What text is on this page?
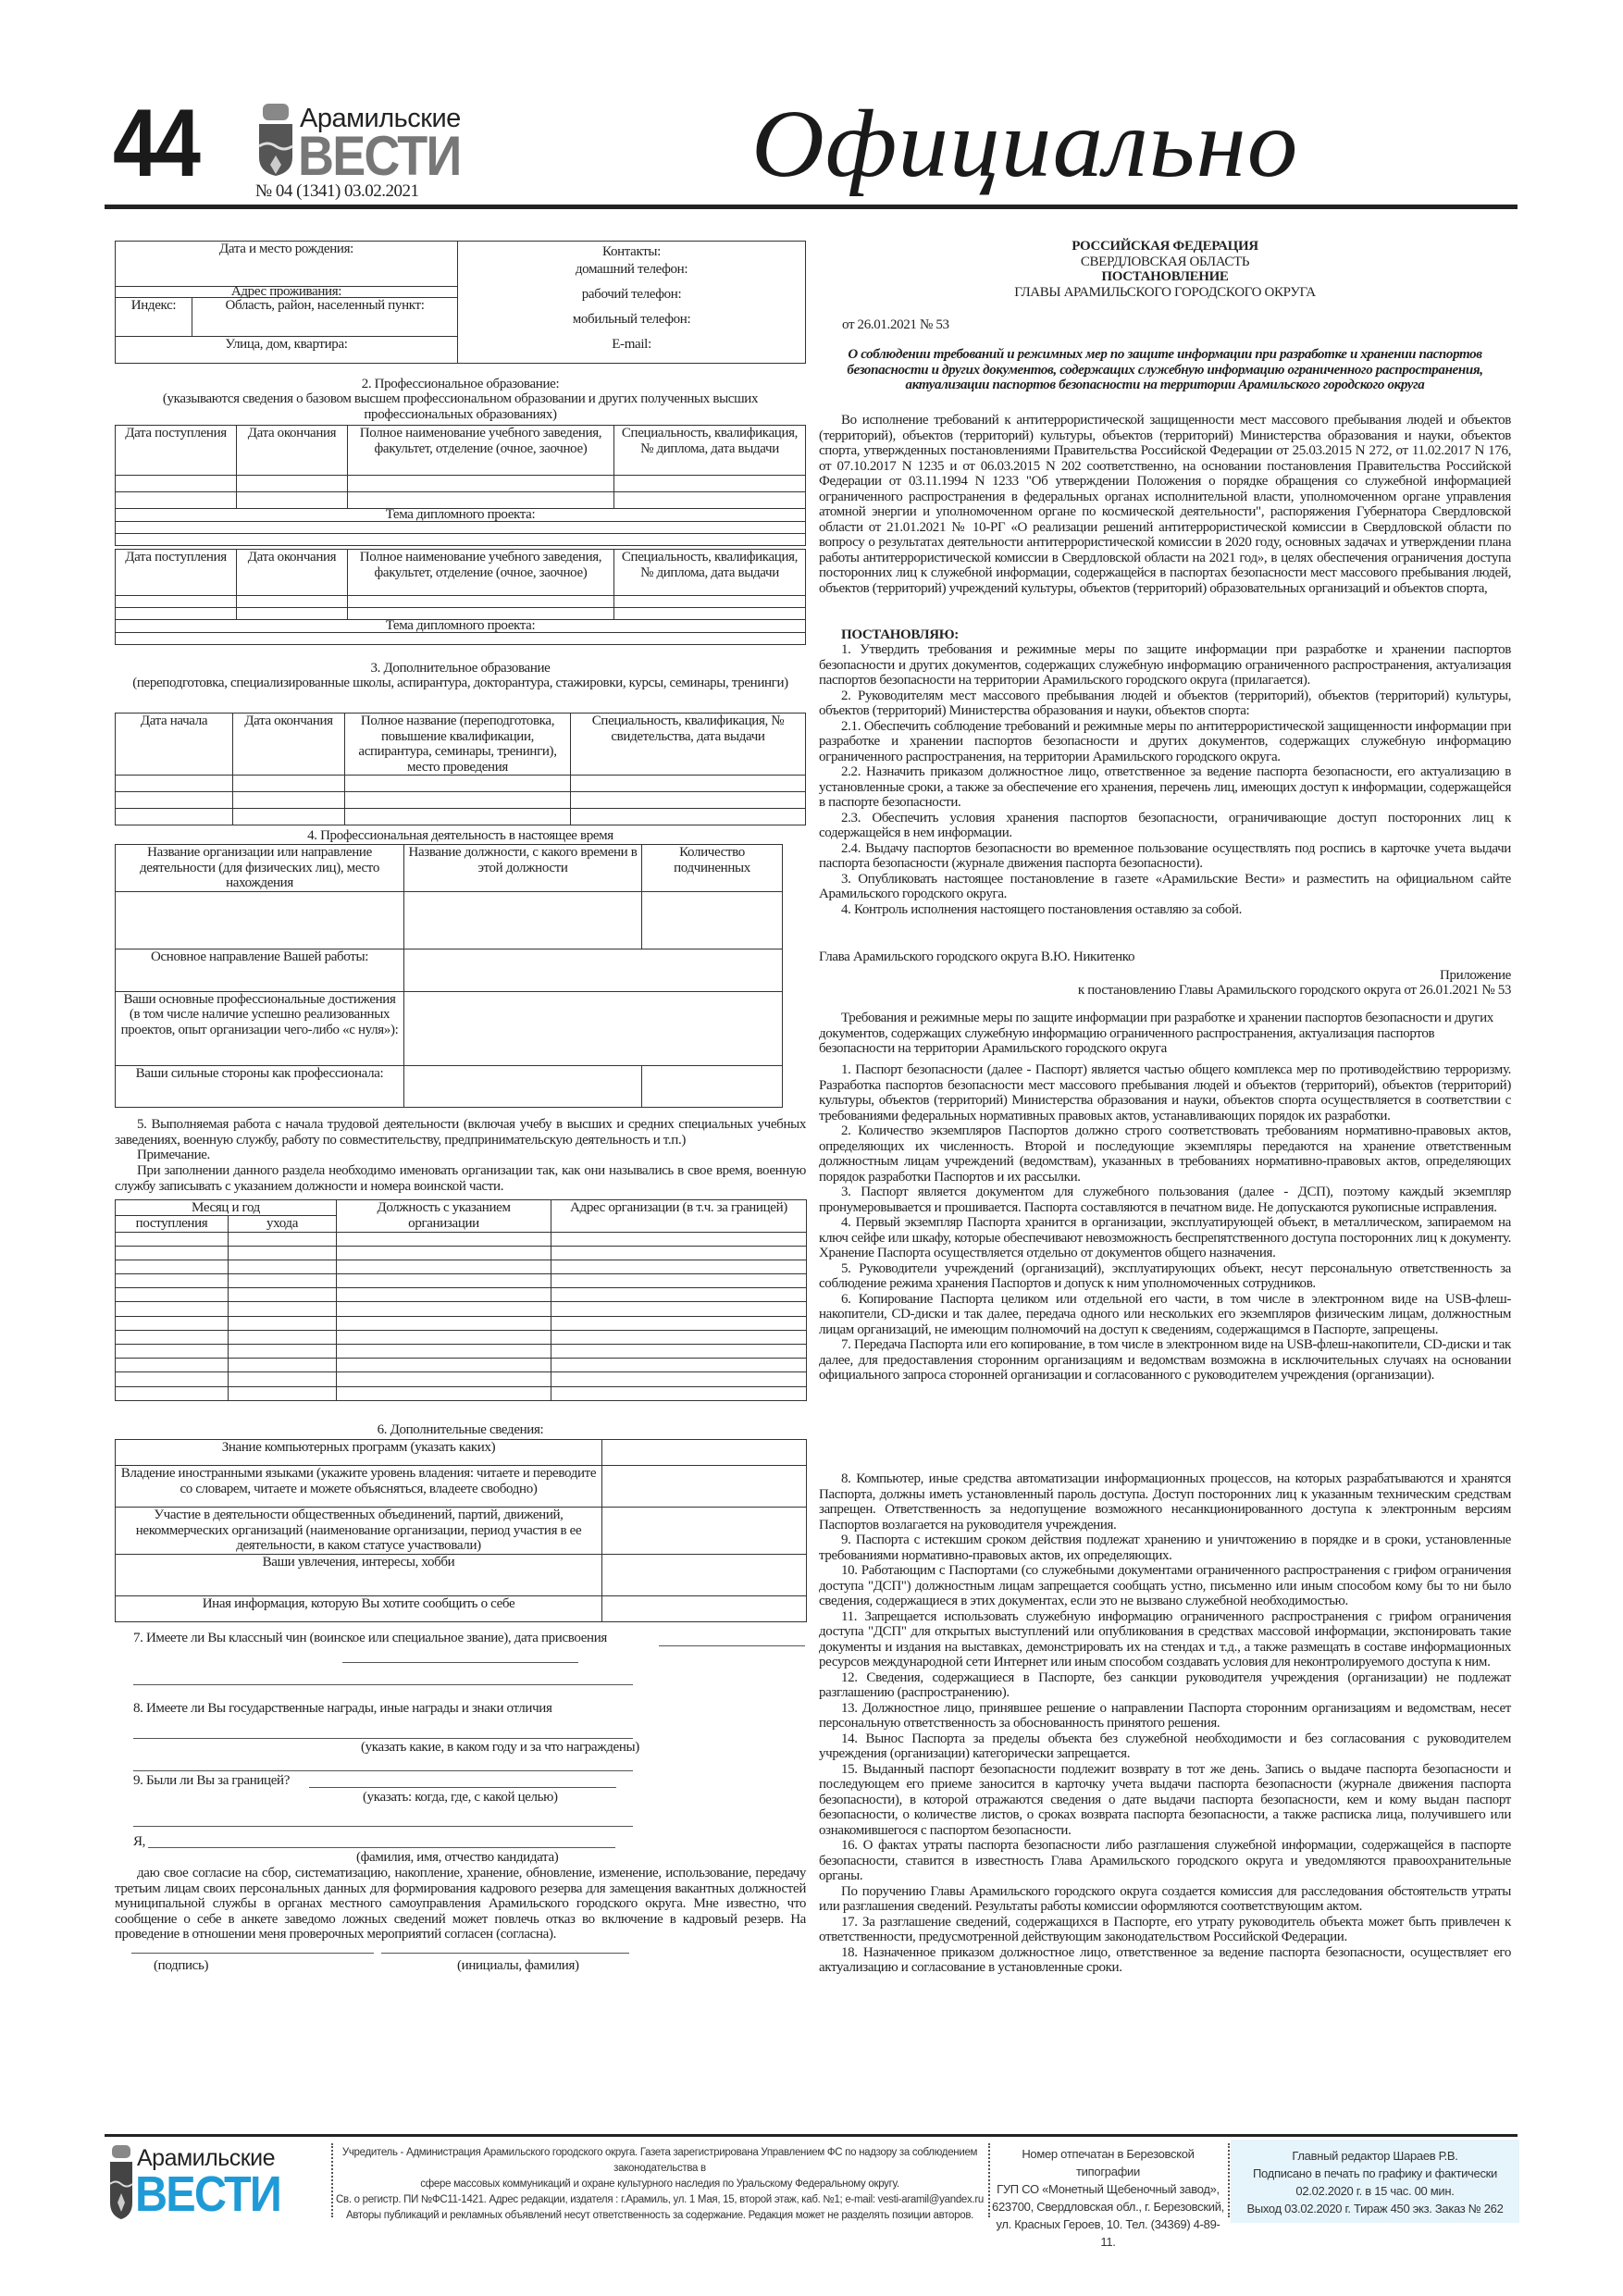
44	Арамильские
ВЕСТИ
№ 04 (1341) 03.02.2021	Официально
Дата и место рождения:		Контакты:
домашний телефон:
рабочий телефон:
мобильный телефон:
E-mail:

Адрес проживания:		
Индекс:	Область, район, населенный пункт:	
Улица, дом, квартира:		
2. Профессиональное образование:
(указываются сведения о базовом высшем профессиональном образовании и других полученных высших профессиональных образованиях)
Дата поступления	Дата окончания	Полное наименование учебного заведения, факультет, отделение (очное, заочное)	Специальность, квалификация, № диплома, дата выдачи

Тема дипломного проекта:			

Дата поступления	Дата окончания	Полное наименование учебного заведения, факультет, отделение (очное, заочное)	Специальность, квалификация, № диплома, дата выдачи

Тема дипломного проекта:			

3. Дополнительное образование
(переподготовка, специализированные школы, аспирантура, докторантура, стажировки, курсы, семинары, тренинги)
Дата начала	Дата окончания	Полное название (переподготовка, повышение квалификации, аспирантура, семинары, тренинги), место проведения	Специальность, квалификация, № свидетельства, дата выдачи

4. Профессиональная деятельность в настоящее время
Название организации или направление деятельности (для физических лиц), место нахождения	Название должности, с какого времени в этой должности	Количество подчиненных

Основное направление Вашей работы:		
Ваши основные профессиональные достижения (в том числе наличие успешно реализованных проектов, опыт организации чего-либо «с нуля»):		
Ваши сильные стороны как профессионала:		
5. Выполняемая работа с начала трудовой деятельности (включая учебу в высших и средних специальных учебных заведениях, военную службу, работу по совместительству, предпринимательскую деятельность и т.п.)
Примечание.
При заполнении данного раздела необходимо именовать организации так, как они назывались в свое время, военную службу записывать с указанием должности и номера воинской части.
Месяц и год		Должность с указанием организации	Адрес организации (в т.ч. за границей)
поступления	ухода		

6. Дополнительные сведения:
Знание компьютерных программ (указать каких)	
Владение иностранными языками (укажите уровень владения: читаете и переводите со словарем, читаете и можете объясняться, владеете свободно)	
Участие в деятельности общественных объединений, партий, движений, некоммерческих организаций (наименование организации, период участия в ее деятельности, в каком статусе участвовали)	
Ваши увлечения, интересы, хобби	
Иная информация, которую Вы хотите сообщить о себе	
7. Имеете ли Вы классный чин (воинское или специальное звание), дата присвоения
8. Имеете ли Вы государственные награды, иные награды и знаки отличия
(указать какие, в каком году и за что награждены)
9. Были ли Вы за границей?
(указать: когда, где, с какой целью)
Я,
(фамилия, имя, отчество кандидата)
даю свое согласие на сбор, систематизацию, накопление, хранение, обновление, изменение, использование, передачу третьим лицам своих персональных данных для формирования кадрового резерва для замещения вакантных должностей муниципальной службы в органах местного самоуправления Арамильского городского округа. Мне известно, что сообщение о себе в анкете заведомо ложных сведений может повлечь отказ во включение в кадровый резерв. На проведение в отношении меня проверочных мероприятий согласен (согласна).
(подпись)	(инициалы, фамилия)
РОССИЙСКАЯ ФЕДЕРАЦИЯ
СВЕРДЛОВСКАЯ ОБЛАСТЬ
ПОСТАНОВЛЕНИЕ
ГЛАВЫ АРАМИЛЬСКОГО ГОРОДСКОГО ОКРУГА
от 26.01.2021 № 53
О соблюдении требований и режимных мер по защите информации при разработке и хранении паспортов безопасности и других документов, содержащих служебную информацию ограниченного распространения, актуализации паспортов безопасности на территории Арамильского городского округа
Во исполнение требований к антитеррористической защищенности мест массового пребывания людей и объектов (территорий), объектов (территорий) культуры, объектов (территорий) Министерства образования и науки, объектов спорта, утвержденных постановлениями Правительства Российской Федерации от 25.03.2015 N 272, от 11.02.2017 N 176, от 07.10.2017 N 1235 и от 06.03.2015 N 202 соответственно, на основании постановления Правительства Российской Федерации от 03.11.1994 N 1233 "Об утверждении Положения о порядке обращения со служебной информацией ограниченного распространения в федеральных органах исполнительной власти, уполномоченном органе управления атомной энергии и уполномоченном органе по космической деятельности", распоряжения Губернатора Свердловской области от 21.01.2021 № 10-РГ «О реализации решений антитеррористической комиссии в Свердловской области по вопросу о результатах деятельности антитеррористической комиссии в 2020 году, основных задачах и утверждении плана работы антитеррористической комиссии в Свердловской области на 2021 год», в целях обеспечения ограничения доступа посторонних лиц к служебной информации, содержащейся в паспортах безопасности мест массового пребывания людей, объектов (территорий) учреждений культуры, объектов (территорий) образовательных организаций и объектов спорта,
ПОСТАНОВЛЯЮ:

1. Утвердить требования и режимные меры по защите информации при разработке и хранении паспортов безопасности и других документов, содержащих служебную информацию ограниченного распространения, актуализация паспортов безопасности на территории Арамильского городского округа (прилагается).

2. Руководителям мест массового пребывания людей и объектов (территорий), объектов (территорий) культуры, объектов (территорий) Министерства образования и науки, объектов спорта:

2.1. Обеспечить соблюдение требований и режимные меры по антитеррористической защищенности информации при разработке и хранении паспортов безопасности и других документов, содержащих служебную информацию ограниченного распространения, на территории Арамильского городского округа.

2.2. Назначить приказом должностное лицо, ответственное за ведение паспорта безопасности, его актуализацию в установленные сроки, а также за обеспечение его хранения, перечень лиц, имеющих доступ к информации, содержащейся в паспорте безопасности.

2.3. Обеспечить условия хранения паспортов безопасности, ограничивающие доступ посторонних лиц к содержащейся в нем информации.

2.4. Выдачу паспортов безопасности во временное пользование осуществлять под роспись в карточке учета выдачи паспорта безопасности (журнале движения паспорта безопасности).

3. Опубликовать настоящее постановление в газете «Арамильские Вести» и разместить на официальном сайте Арамильского городского округа.

4. Контроль исполнения настоящего постановления оставляю за собой.

Глава Арамильского городского округа В.Ю. Никитенко
Приложение
к постановлению Главы Арамильского городского округа от 26.01.2021 № 53
Требования и режимные меры по защите информации при разработке и хранении паспортов безопасности и других документов, содержащих служебную информацию ограниченного распространения, актуализация паспортов безопасности на территории Арамильского городского округа

1. Паспорт безопасности (далее - Паспорт) является частью общего комплекса мер по противодействию терроризму. Разработка паспортов безопасности мест массового пребывания людей и объектов (территорий), объектов (территорий) культуры, объектов (территорий) Министерства образования и науки, объектов спорта осуществляется в соответствии с требованиями федеральных нормативных правовых актов, устанавливающих порядок их разработки.

2. Количество экземпляров Паспортов должно строго соответствовать требованиям нормативно-правовых актов, определяющих их численность. Второй и последующие экземпляры передаются на хранение ответственным должностным лицам учреждений (ведомствам), указанных в требованиях нормативно-правовых актов, определяющих порядок разработки Паспортов и их рассылки.

3. Паспорт является документом для служебного пользования (далее - ДСП), поэтому каждый экземпляр пронумеровывается и прошивается. Паспорта составляются в печатном виде. Не допускаются рукописные исправления.

4. Первый экземпляр Паспорта хранится в организации, эксплуатирующей объект, в металлическом, запираемом на ключ сейфе или шкафу, которые обеспечивают невозможность беспрепятственного доступа посторонних лиц к документу. Хранение Паспорта осуществляется отдельно от документов общего назначения.

5. Руководители учреждений (организаций), эксплуатирующих объект, несут персональную ответственность за соблюдение режима хранения Паспортов и допуск к ним уполномоченных сотрудников.

6. Копирование Паспорта целиком или отдельной его части, в том числе в электронном виде на USB-флеш-накопители, CD-диски и так далее, передача одного или нескольких его экземпляров физическим лицам, должностным лицам организаций, не имеющим полномочий на доступ к сведениям, содержащимся в Паспорте, запрещены.

7. Передача Паспорта или его копирование, в том числе в электронном виде на USB-флеш-накопители, CD-диски и так далее, для предоставления сторонним организациям и ведомствам возможна в исключительных случаях на основании официального запроса сторонней организации и согласованного с руководителем учреждения (организации).

8. Компьютер, иные средства автоматизации информационных процессов, на которых разрабатываются и хранятся Паспорта, должны иметь установленный пароль доступа. Доступ посторонних лиц к указанным техническим средствам запрещен. Ответственность за недопущение возможного несанкционированного доступа к электронным версиям Паспортов возлагается на руководителя учреждения.

9. Паспорта с истекшим сроком действия подлежат хранению и уничтожению в порядке и в сроки, установленные требованиями нормативно-правовых актов, их определяющих.

10. Работающим с Паспортами (со служебными документами ограниченного распространения с грифом ограничения доступа "ДСП") должностным лицам запрещается сообщать устно, письменно или иным способом кому бы то ни было сведения, содержащиеся в этих документах, если это не вызвано служебной необходимостью.

11. Запрещается использовать служебную информацию ограниченного распространения с грифом ограничения доступа "ДСП" для открытых выступлений или опубликования в средствах массовой информации, экспонировать такие документы и издания на выставках, демонстрировать их на стендах и т.д., а также размещать в составе информационных ресурсов международной сети Интернет или иным способом создавать условия для неконтролируемого доступа к ним.

12. Сведения, содержащиеся в Паспорте, без санкции руководителя учреждения (организации) не подлежат разглашению (распространению).

13. Должностное лицо, принявшее решение о направлении Паспорта сторонним организациям и ведомствам, несет персональную ответственность за обоснованность принятого решения.

14. Вынос Паспорта за пределы объекта без служебной необходимости и без согласования с руководителем учреждения (организации) категорически запрещается.

15. Выданный паспорт безопасности подлежит возврату в тот же день. Запись о выдаче паспорта безопасности и последующем его приеме заносится в карточку учета выдачи паспорта безопасности (журнале движения паспорта безопасности), в которой отражаются сведения о дате выдачи паспорта безопасности, кем и кому выдан паспорт безопасности, о количестве листов, о сроках возврата паспорта безопасности, а также расписка лица, получившего или ознакомившегося с паспортом безопасности.

16. О фактах утраты паспорта безопасности либо разглашения служебной информации, содержащейся в паспорте безопасности, ставится в известность Глава Арамильского городского округа и уведомляются правоохранительные органы.

По поручению Главы Арамильского городского округа создается комиссия для расследования обстоятельств утраты или разглашения сведений. Результаты работы комиссии оформляются соответствующим актом.

17. За разглашение сведений, содержащихся в Паспорте, его утрату руководитель объекта может быть привлечен к ответственности, предусмотренной действующим законодательством Российской Федерации.

18. Назначенное приказом должностное лицо, ответственное за ведение паспорта безопасности, осуществляет его актуализацию и согласование в установленные сроки.

Арамильские
ВЕСТИ
Учредитель - Администрация Арамильского городского округа. Газета зарегистрирована Управлением ФС по надзору за соблюдением законодательства в
сфере массовых коммуникаций и охране культурного наследия по Уральскому Федеральному округу.
Св. о регистр. ПИ №ФС11-1421. Адрес редакции, издателя : г.Арамиль, ул. 1 Мая, 15, второй этаж, каб. №1; e-mail: vesti-aramil@yandex.ru
Авторы публикаций и рекламных объявлений несут ответственность за содержание. Редакция может не разделять позиции авторов.
Номер отпечатан в Березовской типографии
ГУП СО «Монетный Щебеночный завод»,
623700, Свердловская обл., г. Березовский,
ул. Красных Героев, 10. Тел. (34369) 4-89-11.
Главный редактор Шараев Р.В.
Подписано в печать по графику и фактически
02.02.2020 г. в 15 час. 00 мин.
Выход 03.02.2020 г. Тираж 450 экз. Заказ № 262
